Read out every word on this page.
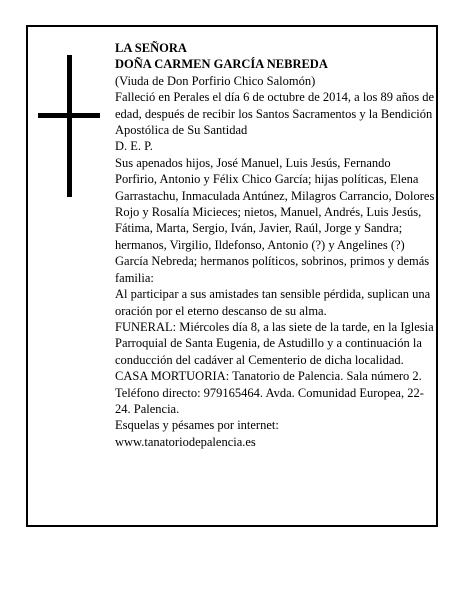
LA SEÑORA

DOÑA CARMEN GARCÍA NEBREDA

(Viuda de Don Porfirio Chico Salomón)

Falleció en Perales el día 6 de octubre de 2014, a los 89 años de edad, después de recibir los Santos Sacramentos y la Bendición Apostólica de Su Santidad

D. E. P.

Sus apenados hijos, José Manuel, Luis Jesús, Fernando Porfirio, Antonio y Félix Chico García; hijas políticas, Elena Garrastachu, Inmaculada Antúnez, Milagros Carrancio, Dolores Rojo y Rosalía Micieces; nietos, Manuel, Andrés, Luis Jesús, Fátima, Marta, Sergio, Iván, Javier, Raúl, Jorge y Sandra; hermanos, Virgilio, Ildefonso, Antonio (?) y Angelines (?) García Nebreda; hermanos políticos, sobrinos, primos y demás familia:

Al participar a sus amistades tan sensible pérdida, suplican una oración por el eterno descanso de su alma.

FUNERAL: Miércoles día 8, a las siete de la tarde, en la Iglesia Parroquial de Santa Eugenia, de Astudillo y a continuación la conducción del cadáver al Cementerio de dicha localidad.

CASA MORTUORIA: Tanatorio de Palencia. Sala número 2. Teléfono directo: 979165464. Avda. Comunidad Europea, 22-24. Palencia.

Esquelas y pésames por internet:

www.tanatoriodepalencia.es
